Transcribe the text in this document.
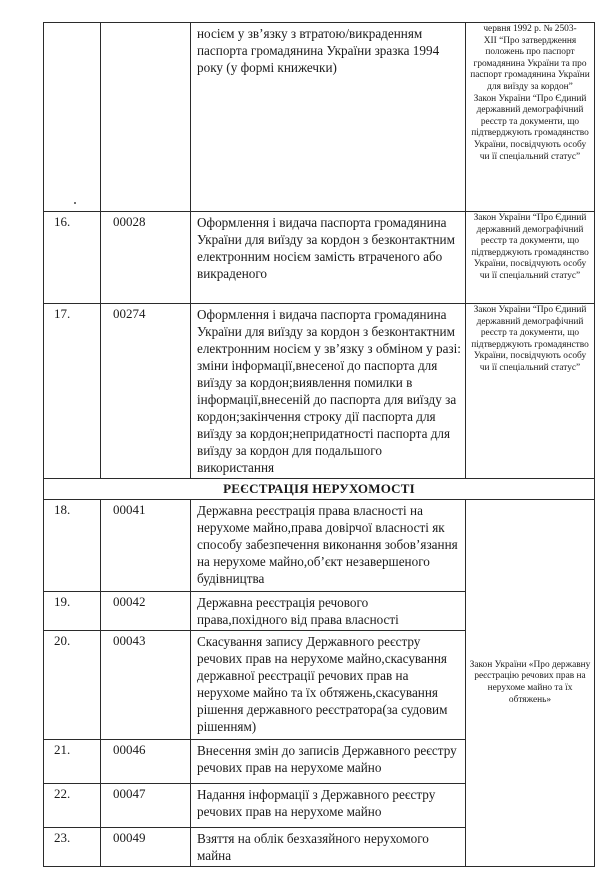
		носієм у зв’язку з втратою/викраденням паспорта громадянина України зразка 1994 року (у формі книжечки)	червня 1992 р. № 2503-
XII “Про затвердження положень про паспорт громадянина України та про паспорт громадянина України для виїзду за кордон”
Закон України “Про Єдиний державний демографічний реєстр та документи, що підтверджують громадянство України, посвідчують особу чи її спеціальний статус”

16.	00028	Оформлення і видача паспорта громадянина України для виїзду за кордон з безконтактним електронним носієм замість втраченого або викраденого	Закон України “Про Єдиний державний демографічний реєстр та документи, що підтверджують громадянство України, посвідчують особу чи її спеціальний статус”

17.	00274	Оформлення і видача паспорта громадянина України для виїзду за кордон з безконтактним електронним носієм у зв’язку з обміном у разі: зміни інформації,внесеної до паспорта для виїзду за кордон;виявлення помилки в інформації,внесеній до паспорта для виїзду за кордон;закінчення строку дії паспорта для виїзду за кордон;непридатності паспорта для виїзду за кордон для подальшого використання	Закон України “Про Єдиний державний демографічний реєстр та документи, що підтверджують громадянство України, посвідчують особу чи її спеціальний статус”

РЕЄСТРАЦІЯ НЕРУХОМОСТІ			
18.	00041	Державна реєстрація права власності на нерухоме майно,права довірчої власності як способу забезпечення виконання зобов’язання на нерухоме майно,об’єкт незавершеного будівництва	Закон України «Про державну реєстрацію речових прав на нерухоме майно та їх обтяжень»
19.	00042	Державна реєстрація речового права,похідного від права власності	
20.	00043	Скасування запису Державного реєстру речових прав на нерухоме майно,скасування державної реєстрації речових прав на нерухоме майно та їх обтяжень,скасування рішення державного реєстратора(за судовим рішенням)	
21.	00046	Внесення змін до записів Державного реєстру речових прав на нерухоме майно	
22.	00047	Надання інформації з Державного реєстру речових прав на нерухоме майно	
23.	00049	Взяття на облік безхазяйного нерухомого майна	
